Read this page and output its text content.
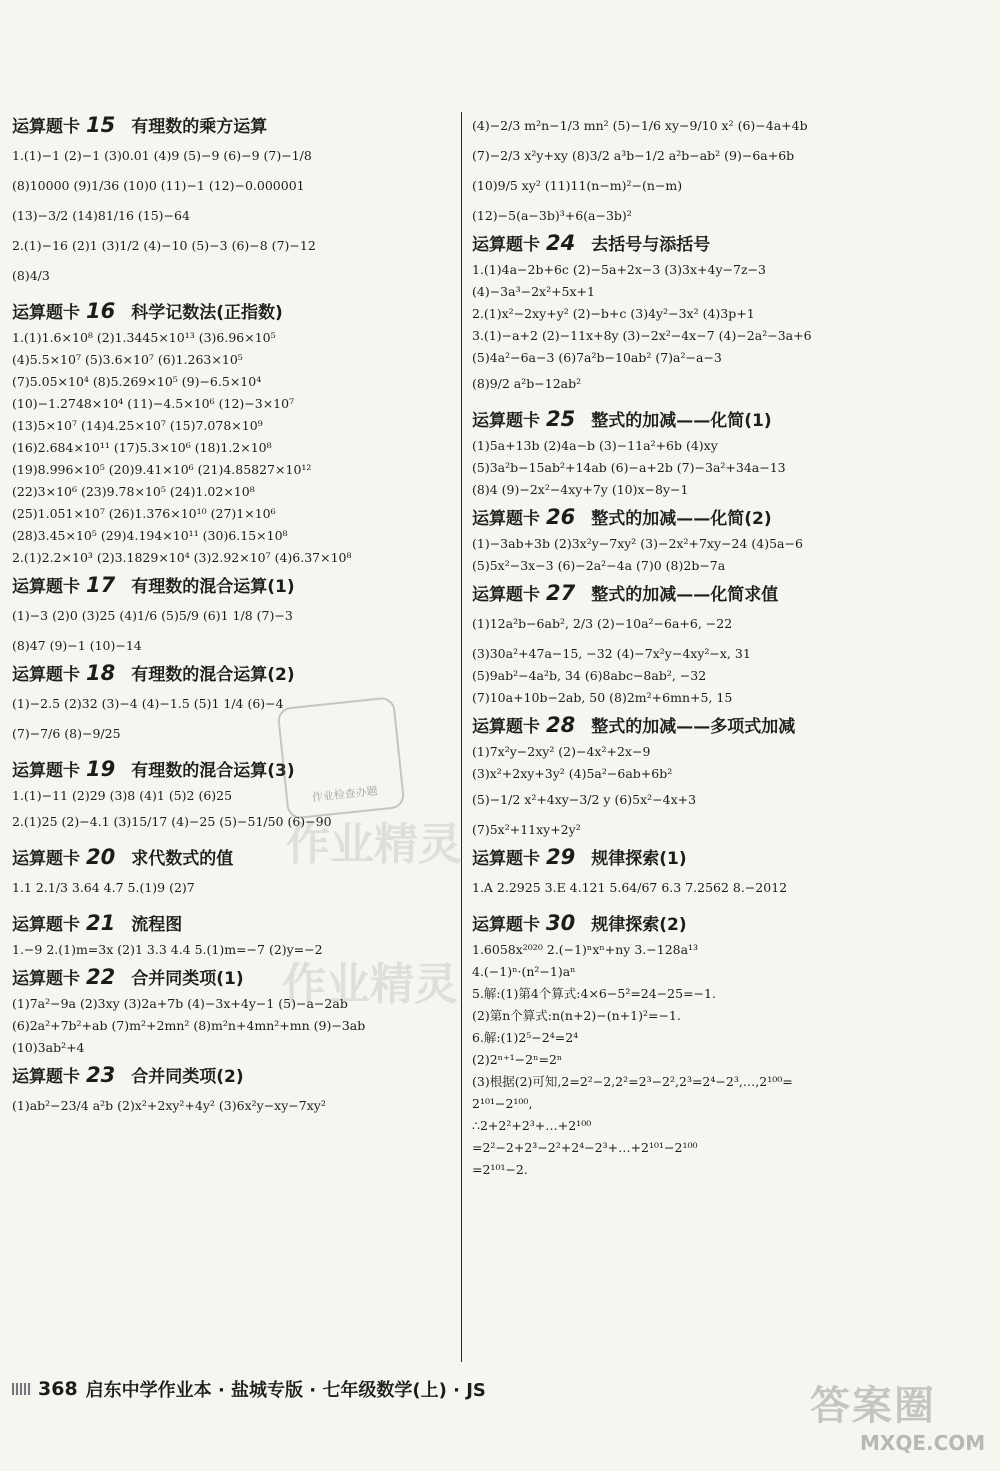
运算题卡 15 有理数的乘方运算
1.(1)−1 (2)−1 (3)0.01 (4)9 (5)−9 (6)−9 (7)−1/8
(8)10000 (9)1/36 (10)0 (11)−1 (12)−0.000001
(13)−3/2 (14)81/16 (15)−64
2.(1)−16 (2)1 (3)1/2 (4)−10 (5)−3 (6)−8 (7)−12
(8)4/3
运算题卡 16 科学记数法(正指数)
1.(1)1.6×10⁸ (2)1.3445×10¹³ (3)6.96×10⁵
(4)5.5×10⁷ (5)3.6×10⁷ (6)1.263×10⁵
(7)5.05×10⁴ (8)5.269×10⁵ (9)−6.5×10⁴
(10)−1.2748×10⁴ (11)−4.5×10⁶ (12)−3×10⁷
(13)5×10⁷ (14)4.25×10⁷ (15)7.078×10⁹
(16)2.684×10¹¹ (17)5.3×10⁶ (18)1.2×10⁸
(19)8.996×10⁵ (20)9.41×10⁶ (21)4.85827×10¹²
(22)3×10⁶ (23)9.78×10⁵ (24)1.02×10⁸
(25)1.051×10⁷ (26)1.376×10¹⁰ (27)1×10⁶
(28)3.45×10⁵ (29)4.194×10¹¹ (30)6.15×10⁸
2.(1)2.2×10³ (2)3.1829×10⁴ (3)2.92×10⁷ (4)6.37×10⁸
运算题卡 17 有理数的混合运算(1)
(1)−3 (2)0 (3)25 (4)1/6 (5)5/9 (6)1 1/8 (7)−3
(8)47 (9)−1 (10)−14
运算题卡 18 有理数的混合运算(2)
(1)−2.5 (2)32 (3)−4 (4)−1.5 (5)1 1/4 (6)−4
(7)−7/6 (8)−9/25
运算题卡 19 有理数的混合运算(3)
1.(1)−11 (2)29 (3)8 (4)1 (5)2 (6)25
2.(1)25 (2)−4.1 (3)15/17 (4)−25 (5)−51/50 (6)−90
运算题卡 20 求代数式的值
1.1 2.1/3 3.64 4.7 5.(1)9 (2)7
运算题卡 21 流程图
1.−9 2.(1)m=3x (2)1 3.3 4.4 5.(1)m=−7 (2)y=−2
运算题卡 22 合并同类项(1)
(1)7a²−9a (2)3xy (3)2a+7b (4)−3x+4y−1 (5)−a−2ab
(6)2a²+7b²+ab (7)m²+2mn² (8)m²n+4mn²+mn (9)−3ab
(10)3ab²+4
运算题卡 23 合并同类项(2)
(1)ab²−23/4 a²b (2)x²+2xy²+4y² (3)6x²y−xy−7xy²
(4)−2/3 m²n−1/3 mn² (5)−1/6 xy−9/10 x² (6)−4a+4b
(7)−2/3 x²y+xy (8)3/2 a³b−1/2 a²b−ab² (9)−6a+6b
(10)9/5 xy² (11)11(n−m)²−(n−m)
(12)−5(a−3b)³+6(a−3b)²
运算题卡 24 去括号与添括号
1.(1)4a−2b+6c (2)−5a+2x−3 (3)3x+4y−7z−3
(4)−3a³−2x²+5x+1
2.(1)x²−2xy+y² (2)−b+c (3)4y²−3x² (4)3p+1
3.(1)−a+2 (2)−11x+8y (3)−2x²−4x−7 (4)−2a²−3a+6
(5)4a²−6a−3 (6)7a²b−10ab² (7)a²−a−3
(8)9/2 a²b−12ab²
运算题卡 25 整式的加减——化简(1)
(1)5a+13b (2)4a−b (3)−11a²+6b (4)xy
(5)3a²b−15ab²+14ab (6)−a+2b (7)−3a²+34a−13
(8)4 (9)−2x²−4xy+7y (10)x−8y−1
运算题卡 26 整式的加减——化简(2)
(1)−3ab+3b (2)3x²y−7xy² (3)−2x²+7xy−24 (4)5a−6
(5)5x²−3x−3 (6)−2a²−4a (7)0 (8)2b−7a
运算题卡 27 整式的加减——化简求值
(1)12a²b−6ab², 2/3 (2)−10a²−6a+6, −22
(3)30a²+47a−15, −32 (4)−7x²y−4xy²−x, 31
(5)9ab²−4a²b, 34 (6)8abc−8ab², −32
(7)10a+10b−2ab, 50 (8)2m²+6mn+5, 15
运算题卡 28 整式的加减——多项式加减
(1)7x²y−2xy² (2)−4x²+2x−9
(3)x²+2xy+3y² (4)5a²−6ab+6b²
(5)−1/2 x²+4xy−3/2 y (6)5x²−4x+3
(7)5x²+11xy+2y²
运算题卡 29 规律探索(1)
1.A 2.2925 3.E 4.121 5.64/67 6.3 7.2562 8.−2012
运算题卡 30 规律探索(2)
1.6058x²⁰²⁰ 2.(−1)ⁿxⁿ+ny 3.−128a¹³
4.(−1)ⁿ·(n²−1)aⁿ
5.解:(1)第4个算式:4×6−5²=24−25=−1.
(2)第n个算式:n(n+2)−(n+1)²=−1.
6.解:(1)2⁵−2⁴=2⁴
(2)2ⁿ⁺¹−2ⁿ=2ⁿ
(3)根据(2)可知,2=2²−2,2²=2³−2²,2³=2⁴−2³,…,2¹⁰⁰=
2¹⁰¹−2¹⁰⁰,
∴2+2²+2³+…+2¹⁰⁰
=2²−2+2³−2²+2⁴−2³+…+2¹⁰¹−2¹⁰⁰
=2¹⁰¹−2.
作业精灵
作业精灵
作业检查办题
368 启东中学作业本 · 盐城专版 · 七年级数学(上) · JS	答案圈
MXQE.COM
